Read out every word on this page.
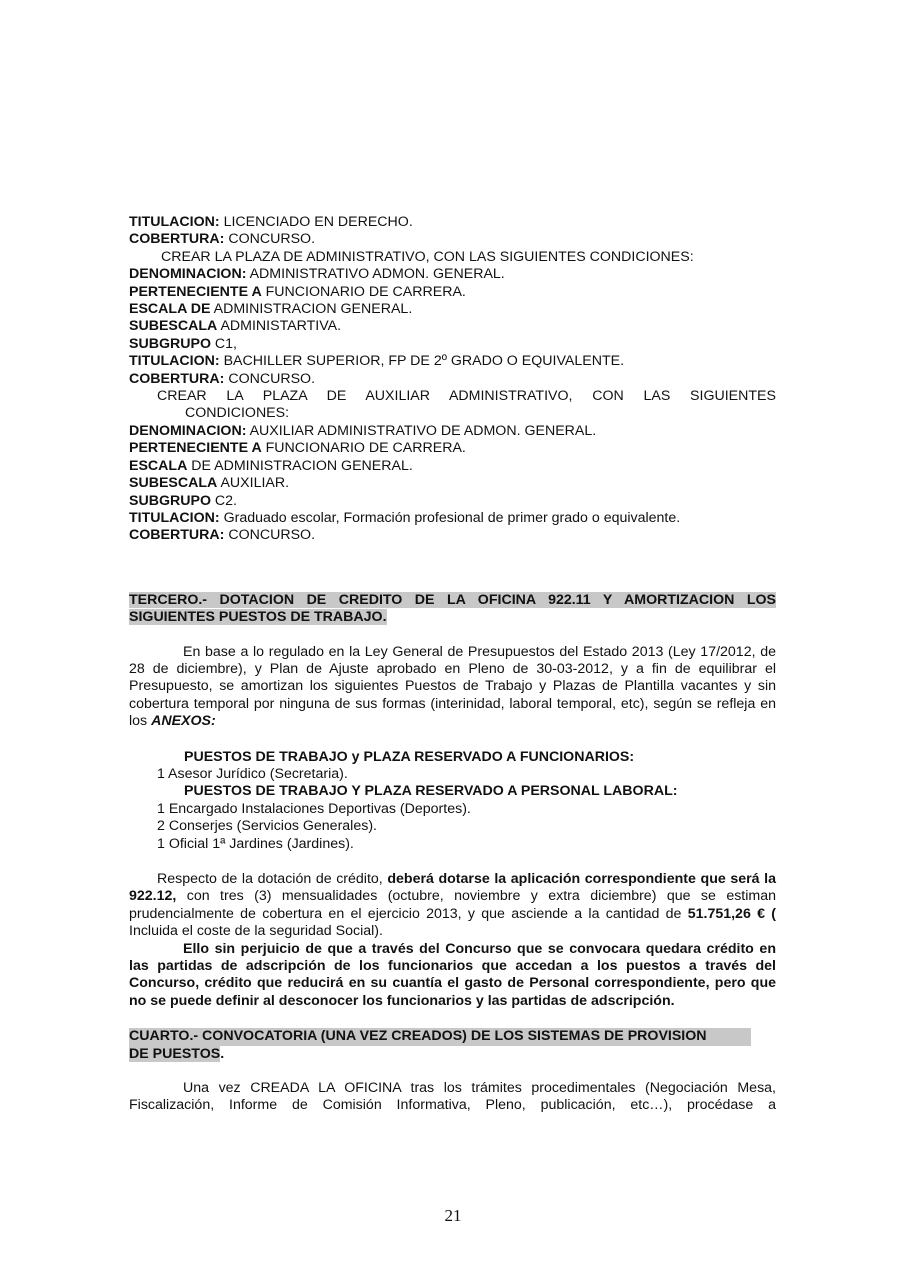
TITULACION: LICENCIADO EN DERECHO.
COBERTURA: CONCURSO.
CREAR LA PLAZA DE ADMINISTRATIVO, CON LAS SIGUIENTES CONDICIONES:
DENOMINACION: ADMINISTRATIVO ADMON. GENERAL.
PERTENECIENTE A FUNCIONARIO DE CARRERA.
ESCALA DE ADMINISTRACION GENERAL.
SUBESCALA ADMINISTARTIVA.
SUBGRUPO C1,
TITULACION: BACHILLER SUPERIOR, FP DE 2º GRADO O EQUIVALENTE.
COBERTURA: CONCURSO.
CREAR LA PLAZA DE AUXILIAR ADMINISTRATIVO, CON LAS SIGUIENTES
CONDICIONES:
DENOMINACION: AUXILIAR ADMINISTRATIVO DE ADMON. GENERAL.
PERTENECIENTE A FUNCIONARIO DE CARRERA.
ESCALA DE ADMINISTRACION GENERAL.
SUBESCALA AUXILIAR.
SUBGRUPO C2.
TITULACION: Graduado escolar, Formación profesional de primer grado o equivalente.
COBERTURA: CONCURSO.
TERCERO.- DOTACION DE CREDITO DE LA OFICINA 922.11 Y AMORTIZACION LOS
SIGUIENTES PUESTOS DE TRABAJO.
En base a lo regulado en la Ley General de Presupuestos del Estado 2013 (Ley 17/2012, de 28 de diciembre), y Plan de Ajuste aprobado en Pleno de 30-03-2012, y a fin de equilibrar el Presupuesto, se amortizan los siguientes Puestos de Trabajo y Plazas de Plantilla vacantes y sin cobertura temporal por ninguna de sus formas (interinidad, laboral temporal, etc), según se refleja en los ANEXOS:
PUESTOS DE TRABAJO y PLAZA RESERVADO A FUNCIONARIOS:
1 Asesor Jurídico (Secretaria).
PUESTOS DE TRABAJO Y PLAZA RESERVADO A PERSONAL LABORAL:
1 Encargado Instalaciones Deportivas (Deportes).
2 Conserjes (Servicios Generales).
1 Oficial 1ª Jardines (Jardines).
Respecto de la dotación de crédito, deberá dotarse la aplicación correspondiente que será la 922.12, con tres (3) mensualidades (octubre, noviembre y extra diciembre) que se estiman prudencialmente de cobertura en el ejercicio 2013, y que asciende a la cantidad de 51.751,26 € ( Incluida el coste de la seguridad Social).
Ello sin perjuicio de que a través del Concurso que se convocara quedara crédito en las partidas de adscripción de los funcionarios que accedan a los puestos a través del Concurso, crédito que reducirá en su cuantía el gasto de Personal correspondiente, pero que no se puede definir al desconocer los funcionarios y las partidas de adscripción.
CUARTO.- CONVOCATORIA (UNA VEZ CREADOS) DE LOS SISTEMAS DE PROVISION
DE PUESTOS.
Una vez CREADA LA OFICINA tras los trámites procedimentales (Negociación Mesa, Fiscalización, Informe de Comisión Informativa, Pleno, publicación, etc…), procédase a
21
